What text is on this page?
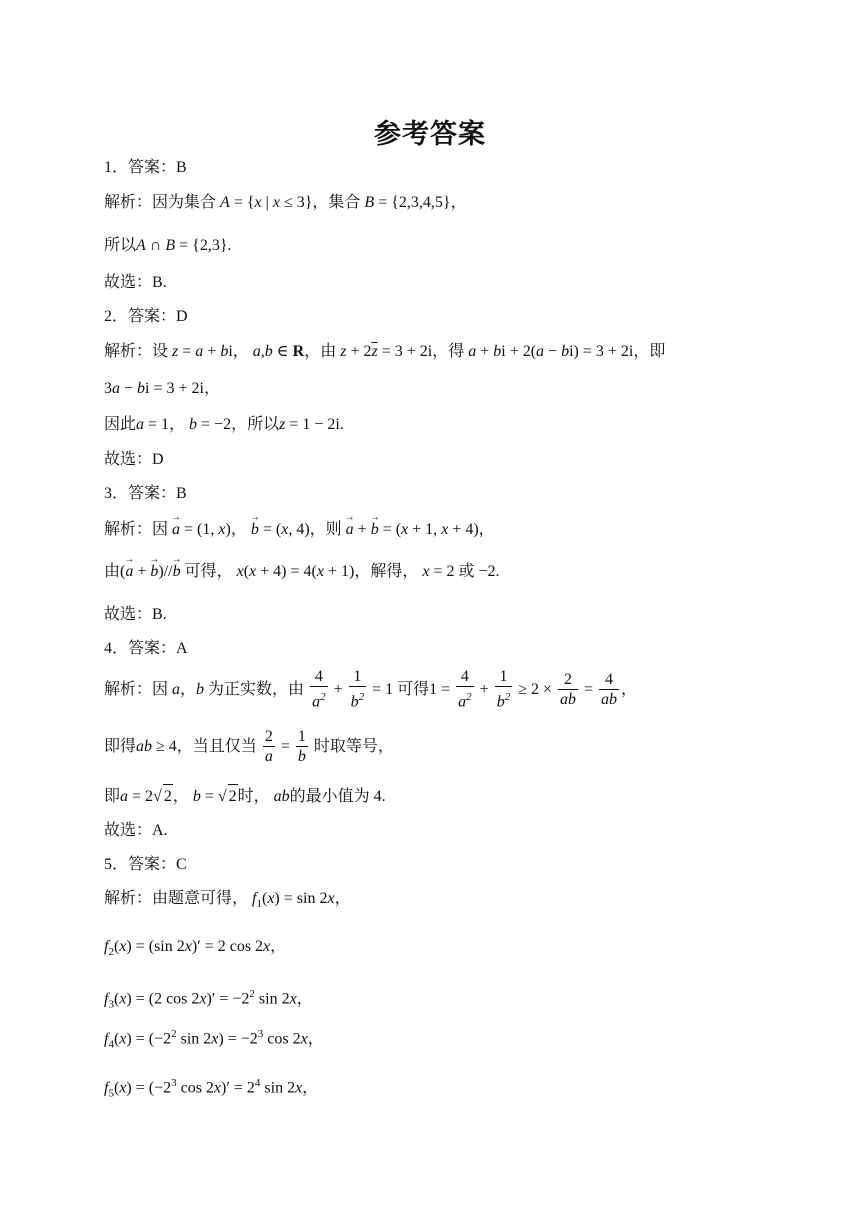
参考答案
1．答案：B
解析：因为集合 A = {x | x ≤ 3}，集合 B = {2,3,4,5}，
所以A ∩ B = {2,3}.
故选：B.
2．答案：D
解析：设 z = a + bi， a,b ∈ R，由 $z + 2\overline{z} = 3 + 2i$，得 a + bi + 2(a − bi) = 3 + 2i，即
3a − bi = 3 + 2i，
因此a = 1， b = −2，所以z = 1 − 2i.
故选：D
3．答案：B
解析：因 → a = (1, x)， → b = (x, 4)，则 → a + → b = (x + 1, x + 4)，
由(→ a + → b)//→ b 可得， x(x + 4) = 4(x + 1)，解得， x = 2 或 −2.
故选：B.
4．答案：A
解析：因 a，b 为正实数，由 $\frac{4}{a^2} + \frac{1}{b^2} = 1$ 可得$1 = \frac{4}{a^2} + \frac{1}{b^2} \ge 2 \times \frac{2}{ab} = \frac{4}{ab}$ ，
即得ab ≥ 4，当且仅当 $\frac{2}{a} = \frac{1}{b}$ 时取等号，
即a = 2√ 2， b = √ 2时， ab的最小值为 4.
故选：A.
5．答案：C
解析：由题意可得， $f_1(x) = \sin 2x$，
$f_2(x) = (\sin$ 2x)′ = 2 cos 2x，
$f_3(x) = (2$ $\cos 2x)' = -2^2$ sin 2x，
$f_4(x) = (-2^2$ $\sin 2x) = -2^3$ cos 2x，
$f_5(x) = (-2^3$ $\cos 2x)' = 2^4$ sin 2x，
